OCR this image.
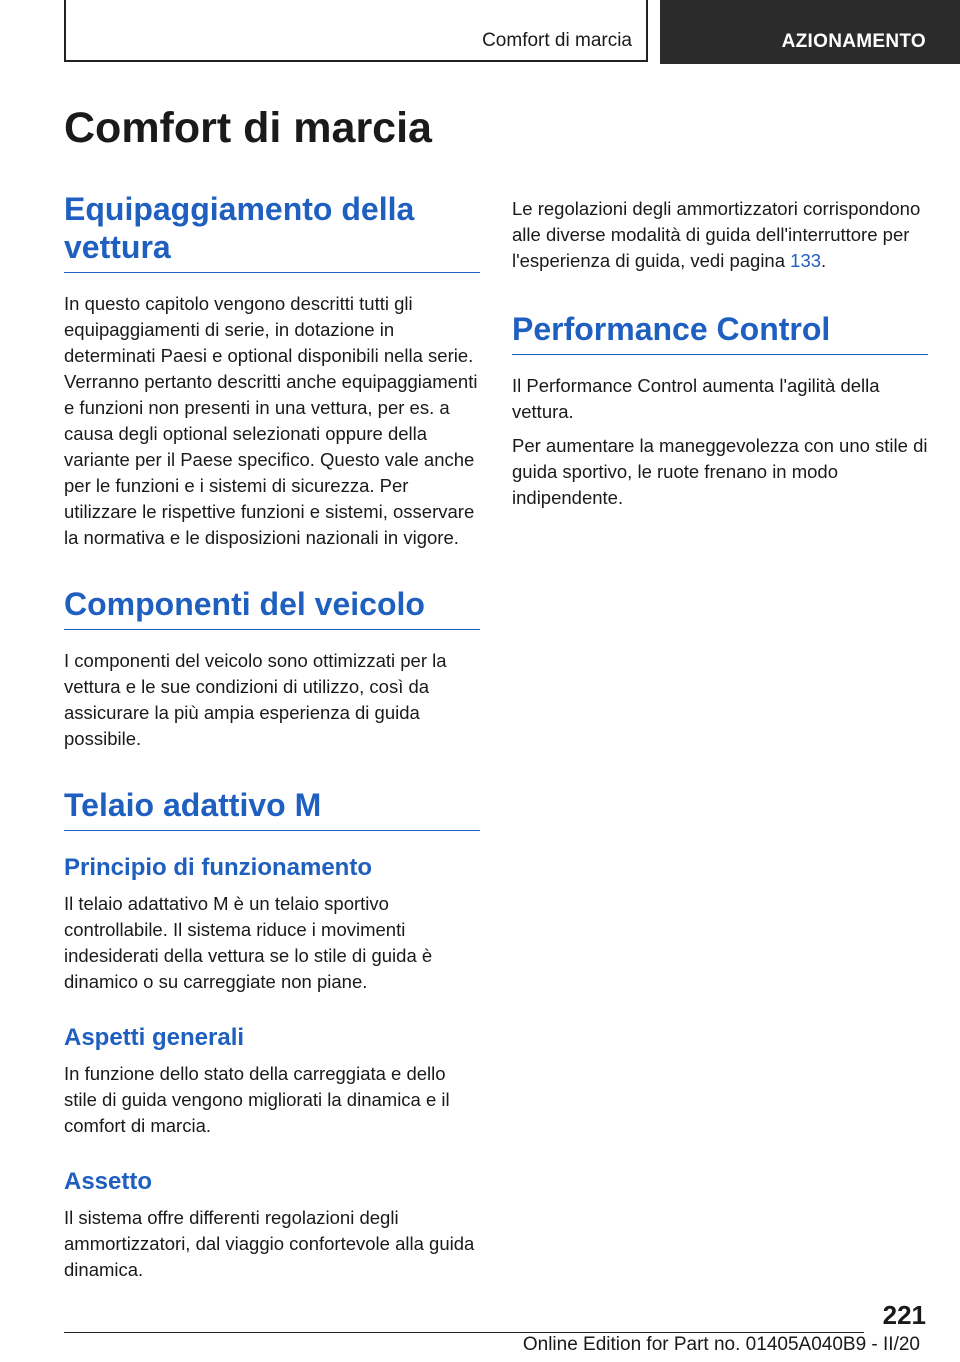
Comfort di marcia	AZIONAMENTO
Comfort di marcia
Equipaggiamento della vettura

In questo capitolo vengono descritti tutti gli equipaggiamenti di serie, in dotazione in determinati Paesi e optional disponibili nella serie. Verranno pertanto descritti anche equipaggiamenti e funzioni non presenti in una vettura, per es. a causa degli optional selezionati oppure della variante per il Paese specifico. Questo vale anche per le funzioni e i sistemi di sicurezza. Per utilizzare le rispettive funzioni e sistemi, osservare la normativa e le disposizioni nazionali in vigore.

Componenti del veicolo

I componenti del veicolo sono ottimizzati per la vettura e le sue condizioni di utilizzo, così da assicurare la più ampia esperienza di guida possibile.

Telaio adattivo M
Principio di funzionamento

Il telaio adattativo M è un telaio sportivo controllabile. Il sistema riduce i movimenti indesiderati della vettura se lo stile di guida è dinamico o su carreggiate non piane.

Aspetti generali

In funzione dello stato della carreggiata e dello stile di guida vengono migliorati la dinamica e il comfort di marcia.

Assetto

Il sistema offre differenti regolazioni degli ammortizzatori, dal viaggio confortevole alla guida dinamica.

Le regolazioni degli ammortizzatori corrispondono alle diverse modalità di guida dell'interruttore per l'esperienza di guida, vedi pagina 133.

Performance Control

Il Performance Control aumenta l'agilità della vettura.

Per aumentare la maneggevolezza con uno stile di guida sportivo, le ruote frenano in modo indipendente.

221
Online Edition for Part no. 01405A040B9 - II/20
